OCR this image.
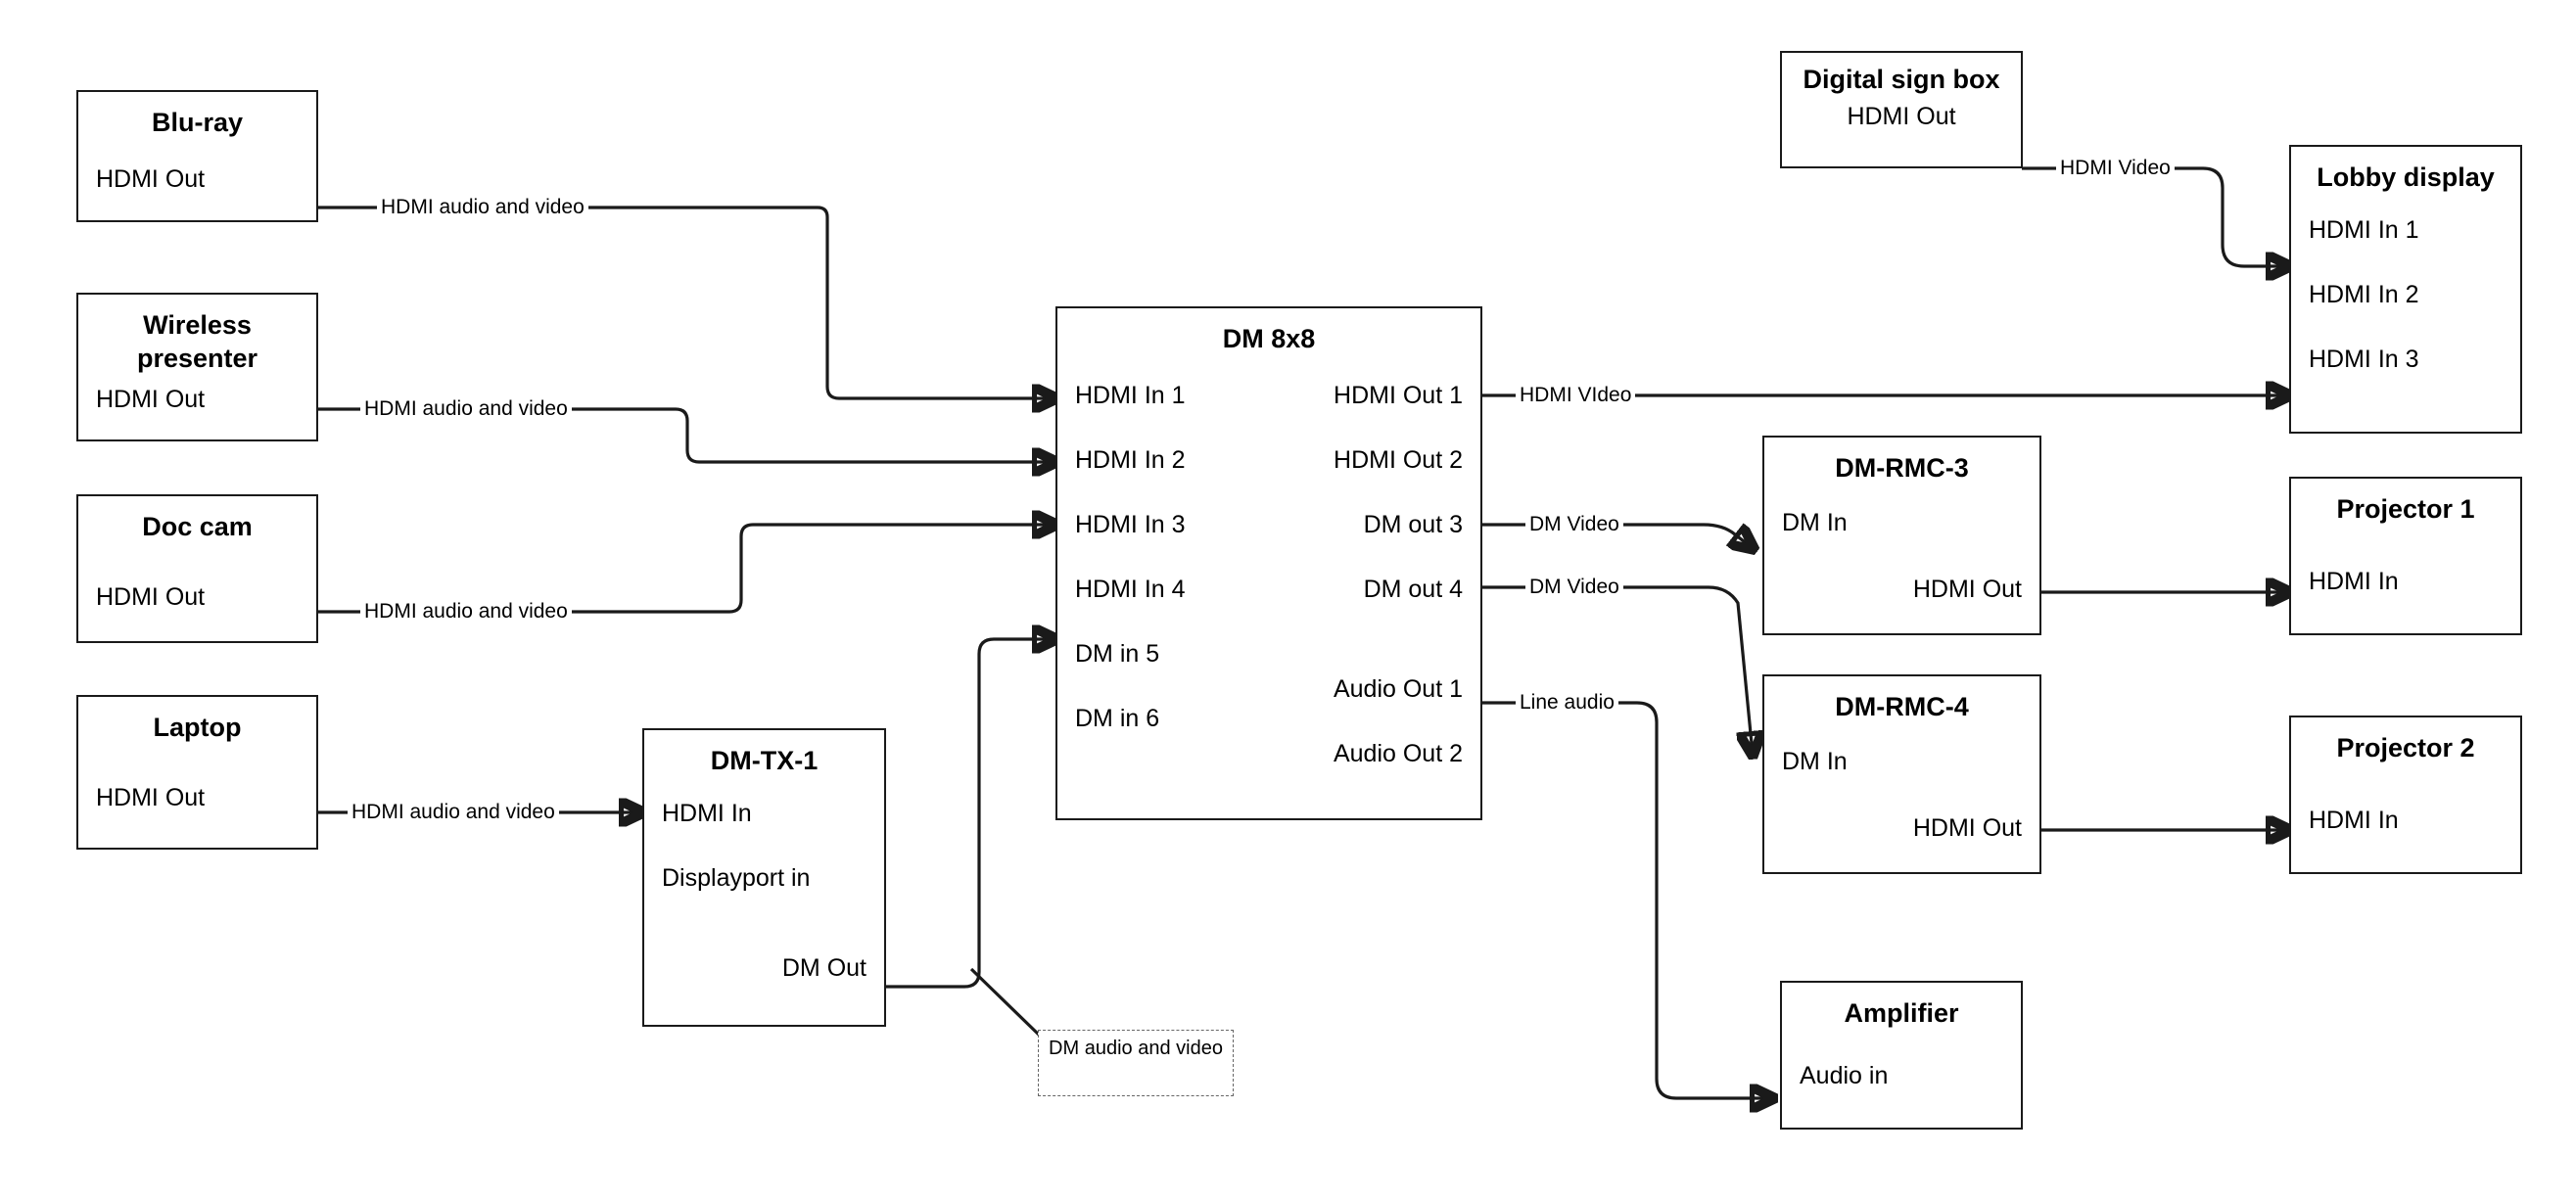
Blu-ray
HDMI Out
Wireless presenter
HDMI Out
Doc cam
HDMI Out
Laptop
HDMI Out
DM-TX-1
HDMI In
Displayport in
DM Out
DM 8x8
HDMI In 1
HDMI In 2
HDMI In 3
HDMI In 4
DM in 5
DM in 6
HDMI Out 1
HDMI Out 2
DM out 3
DM out 4
Audio Out 1
Audio Out 2
Digital sign box
HDMI Out
Lobby display
HDMI In 1
HDMI In 2
HDMI In 3
DM-RMC-3
DM In
HDMI Out
DM-RMC-4
DM In
HDMI Out
Projector 1
HDMI In
Projector 2
HDMI In
Amplifier
Audio in
HDMI audio and video
HDMI audio and video
HDMI audio and video
HDMI audio and video
HDMI Video
HDMI VIdeo
DM Video
DM Video
Line audio
DM audio and video
